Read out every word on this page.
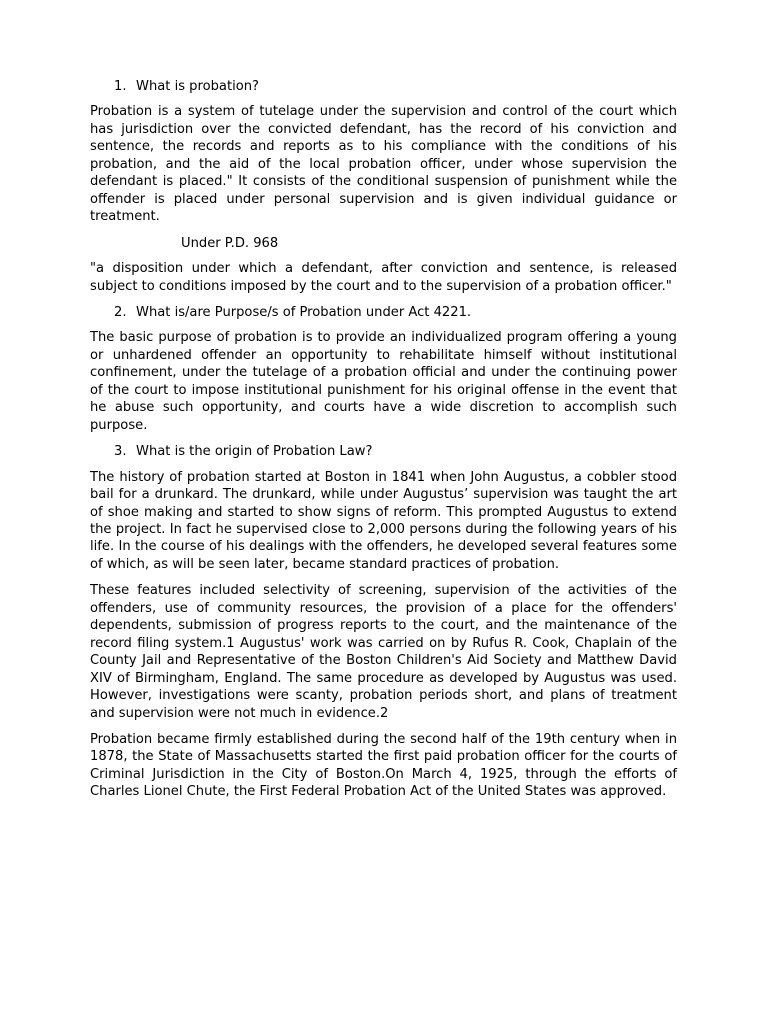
1. What is probation?

Probation is a system of tutelage under the supervision and control of the court which has jurisdiction over the convicted defendant, has the record of his conviction and sentence, the records and reports as to his compliance with the conditions of his probation, and the aid of the local probation officer, under whose supervision the defendant is placed." It consists of the conditional suspension of punishment while the offender is placed under personal supervision and is given individual guidance or treatment.

Under P.D. 968

"a disposition under which a defendant, after conviction and sentence, is released subject to conditions imposed by the court and to the supervision of a probation officer."

2. What is/are Purpose/s of Probation under Act 4221.

The basic purpose of probation is to provide an individualized program offering a young or unhardened offender an opportunity to rehabilitate himself without institutional confinement, under the tutelage of a probation official and under the continuing power of the court to impose institutional punishment for his original offense in the event that he abuse such opportunity, and courts have a wide discretion to accomplish such purpose.

3. What is the origin of Probation Law?

The history of probation started at Boston in 1841 when John Augustus, a cobbler stood bail for a drunkard. The drunkard, while under Augustus’ supervision was taught the art of shoe making and started to show signs of reform. This prompted Augustus to extend the project. In fact he supervised close to 2,000 persons during the following years of his life. In the course of his dealings with the offenders, he developed several features some of which, as will be seen later, became standard practices of probation.

These features included selectivity of screening, supervision of the activities of the offenders, use of community resources, the provision of a place for the offenders' dependents, submission of progress reports to the court, and the maintenance of the record filing system.1 Augustus' work was carried on by Rufus R. Cook, Chaplain of the County Jail and Representative of the Boston Children's Aid Society and Matthew David XIV of Birmingham, England. The same procedure as developed by Augustus was used. However, investigations were scanty, probation periods short, and plans of treatment and supervision were not much in evidence.2

Probation became firmly established during the second half of the 19th century when in 1878, the State of Massachusetts started the first paid probation officer for the courts of Criminal Jurisdiction in the City of Boston.On March 4, 1925, through the efforts of Charles Lionel Chute, the First Federal Probation Act of the United States was approved.
